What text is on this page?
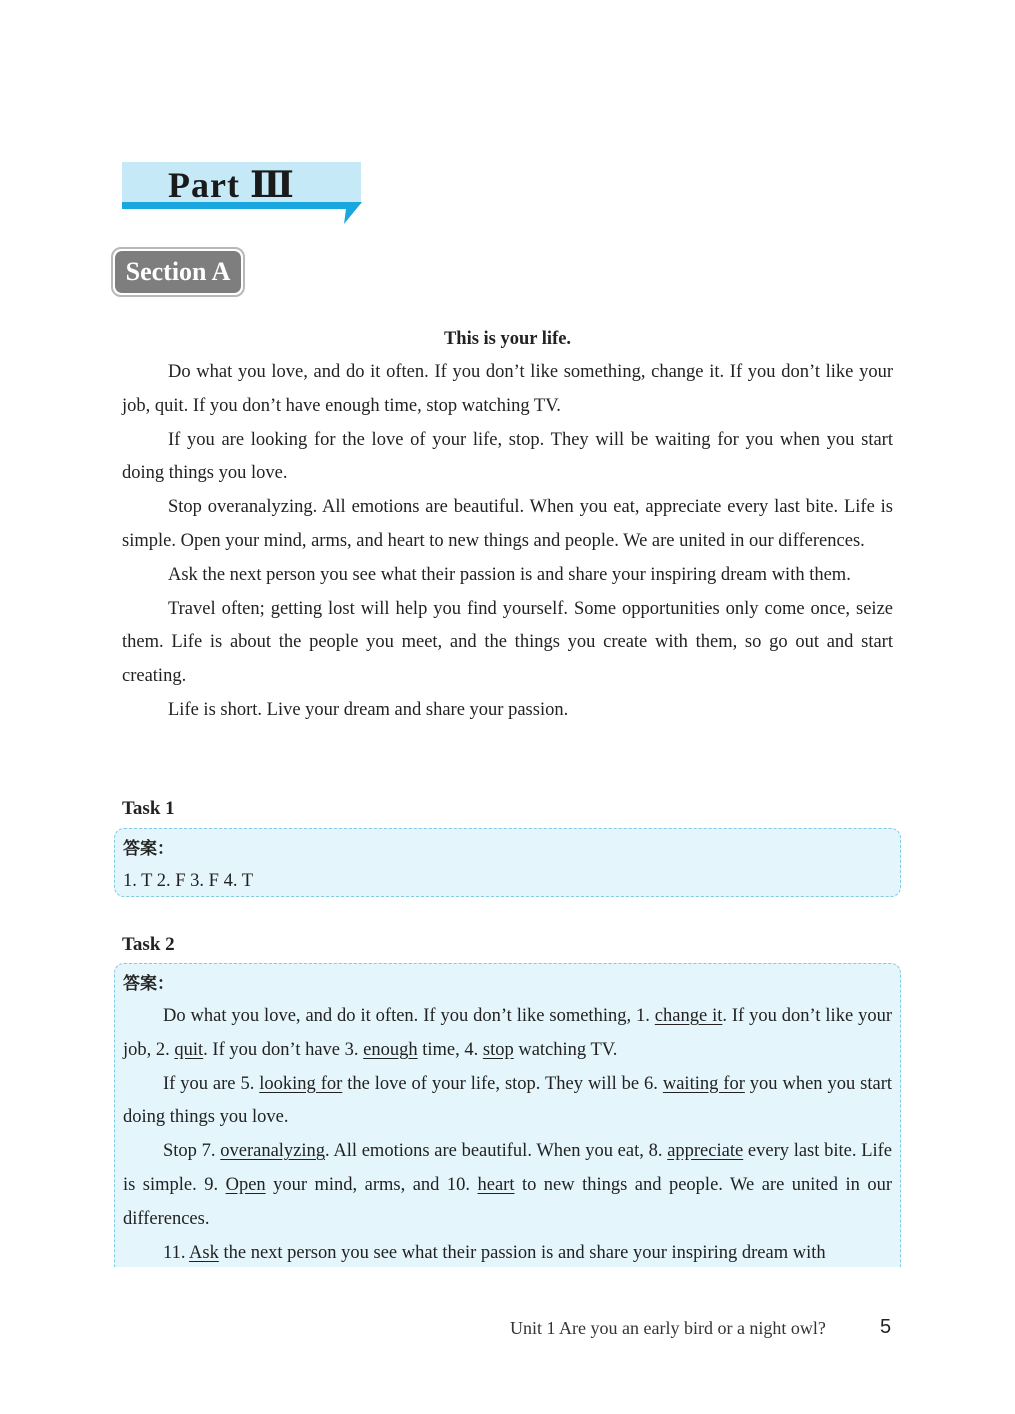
Part Ⅲ
Section A

This is your life.

Do what you love, and do it often. If you don’t like something, change it. If you don’t like your job, quit. If you don’t have enough time, stop watching TV.

If you are looking for the love of your life, stop. They will be waiting for you when you start doing things you love.

Stop overanalyzing. All emotions are beautiful. When you eat, appreciate every last bite. Life is simple. Open your mind, arms, and heart to new things and people. We are united in our differences.

Ask the next person you see what their passion is and share your inspiring dream with them.

Travel often; getting lost will help you find yourself. Some opportunities only come once, seize them. Life is about the people you meet, and the things you create with them, so go out and start creating.

Life is short. Live your dream and share your passion.

Task 1
答案：
1. T 2. F 3. F 4. T
Task 2
答案：

Do what you love, and do it often. If you don’t like something, 1. change it. If you don’t like your job, 2. quit. If you don’t have 3. enough time, 4. stop watching TV.

If you are 5. looking for the love of your life, stop. They will be 6. waiting for you when you start doing things you love.

Stop 7. overanalyzing. All emotions are beautiful. When you eat, 8. appreciate every last bite. Life is simple. 9. Open your mind, arms, and 10. heart to new things and people. We are united in our differences.

11. Ask the next person you see what their passion is and share your inspiring dream with

Unit 1 Are you an early bird or a night owl?	5
